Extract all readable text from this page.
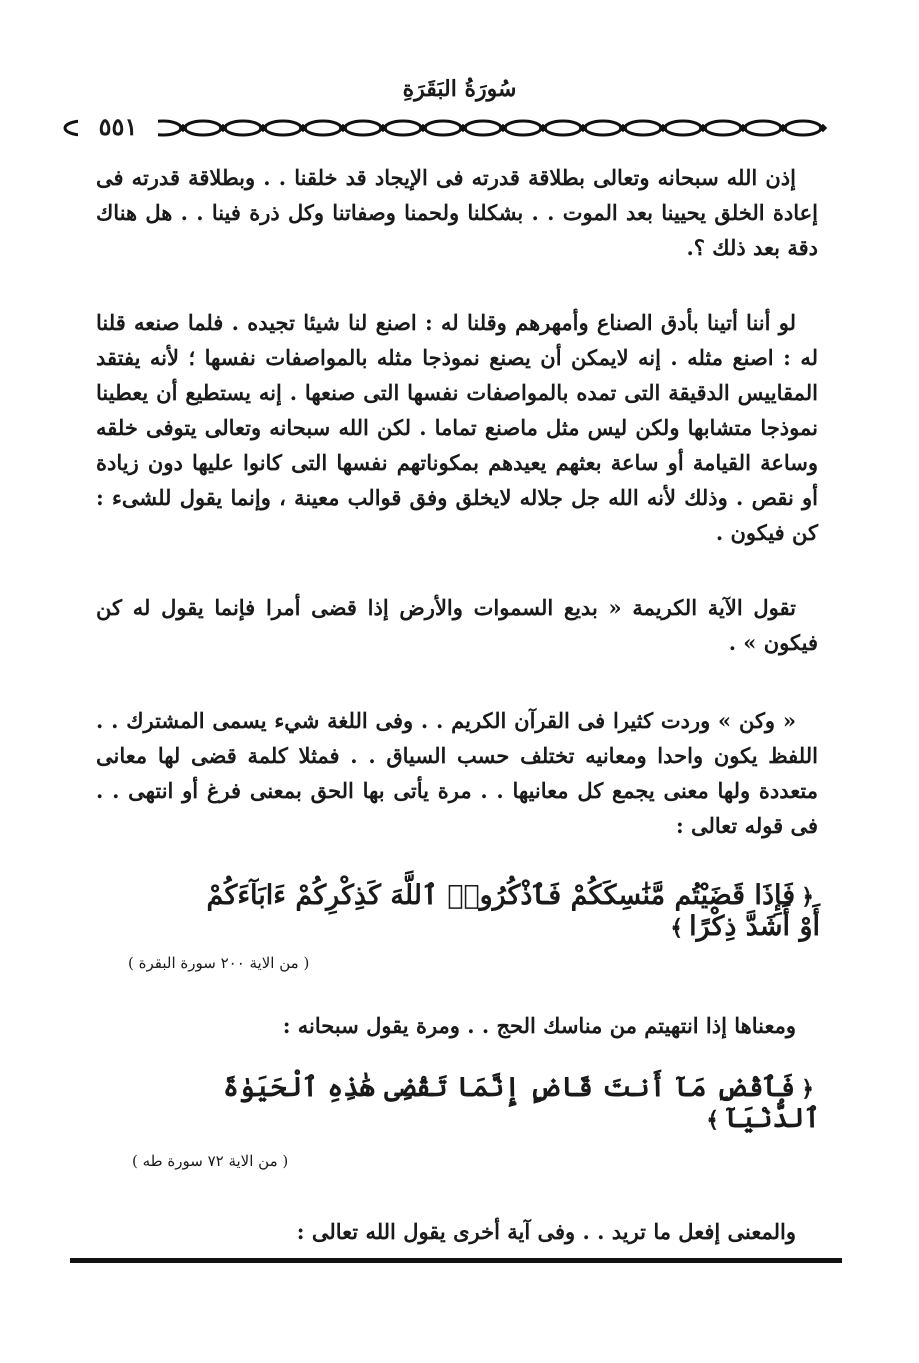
سُورَةُ البَقَرَةِ
٥٥١
إذن الله سبحانه وتعالى بطلاقة قدرته فى الإيجاد قد خلقنا . . وبطلاقة قدرته فى إعادة الخلق يحيينا بعد الموت . . بشكلنا ولحمنا وصفاتنا وكل ذرة فينا . . هل هناك دقة بعد ذلك ؟.
لو أننا أتينا بأدق الصناع وأمهرهم وقلنا له : اصنع لنا شيئا تجيده . فلما صنعه قلنا له : اصنع مثله . إنه لايمكن أن يصنع نموذجا مثله بالمواصفات نفسها ؛ لأنه يفتقد المقاييس الدقيقة التى تمده بالمواصفات نفسها التى صنعها . إنه يستطيع أن يعطينا نموذجا متشابها ولكن ليس مثل ماصنع تماما . لكن الله سبحانه وتعالى يتوفى خلقه وساعة القيامة أو ساعة بعثهم يعيدهم بمكوناتهم نفسها التى كانوا عليها دون زيادة أو نقص . وذلك لأنه الله جل جلاله لايخلق وفق قوالب معينة ، وإنما يقول للشىء : كن فيكون .
تقول الآية الكريمة « بديع السموات والأرض إذا قضى أمرا فإنما يقول له كن فيكون » .
« وكن » وردت كثيرا فى القرآن الكريم . . وفى اللغة شيء يسمى المشترك . . اللفظ يكون واحدا ومعانيه تختلف حسب السياق . . فمثلا كلمة قضى لها معانى متعددة ولها معنى يجمع كل معانيها . . مرة يأتى بها الحق بمعنى فرغ أو انتهى . . فى قوله تعالى :
﴿فَإِذَا قَضَيْتُم مَّنَٰسِكَكُمْ فَٱذْكُرُوا۟ ٱللَّهَ كَذِكْرِكُمْ ءَابَآءَكُمْ أَوْ أَشَدَّ ذِكْرًا﴾
( من الاية ٢٠٠ سورة البقرة )
ومعناها إذا انتهيتم من مناسك الحج . . ومرة يقول سبحانه :
﴿فَٱقْضِ مَآ أَنتَ قَاضٍ إِنَّمَا تَقْضِى هَٰذِهِ ٱلْحَيَوٰةَ ٱلدُّنْيَآ﴾
( من الاية ٧٢ سورة طه )
والمعنى إفعل ما تريد . . وفى آية أخرى يقول الله تعالى :
